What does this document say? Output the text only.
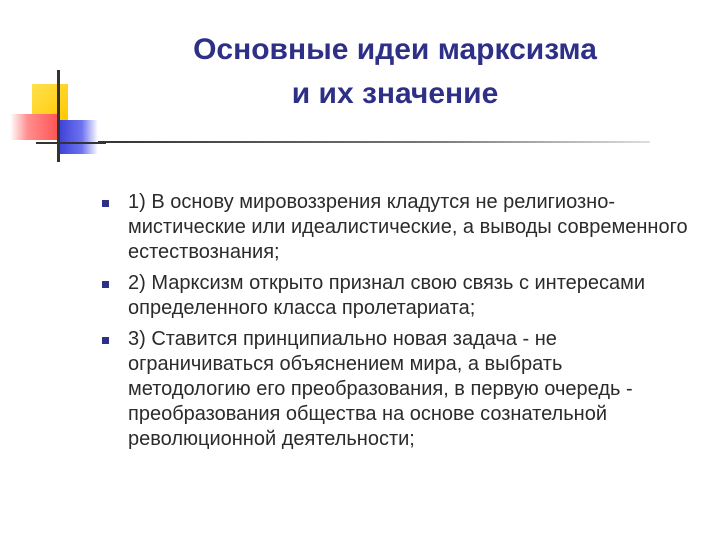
Основные идеи марксизма
и их значение
1) В основу мировоззрения кладутся не религиозно-мистические или идеалистические, а выводы современного естествознания;
2) Марксизм открыто признал свою связь с интересами определенного класса пролетариата;
3) Ставится принципиально новая задача - не ограничиваться объяснением мира, а выбрать методологию его преобразования, в первую очередь - преобразования общества на основе сознательной революционной деятельности;
